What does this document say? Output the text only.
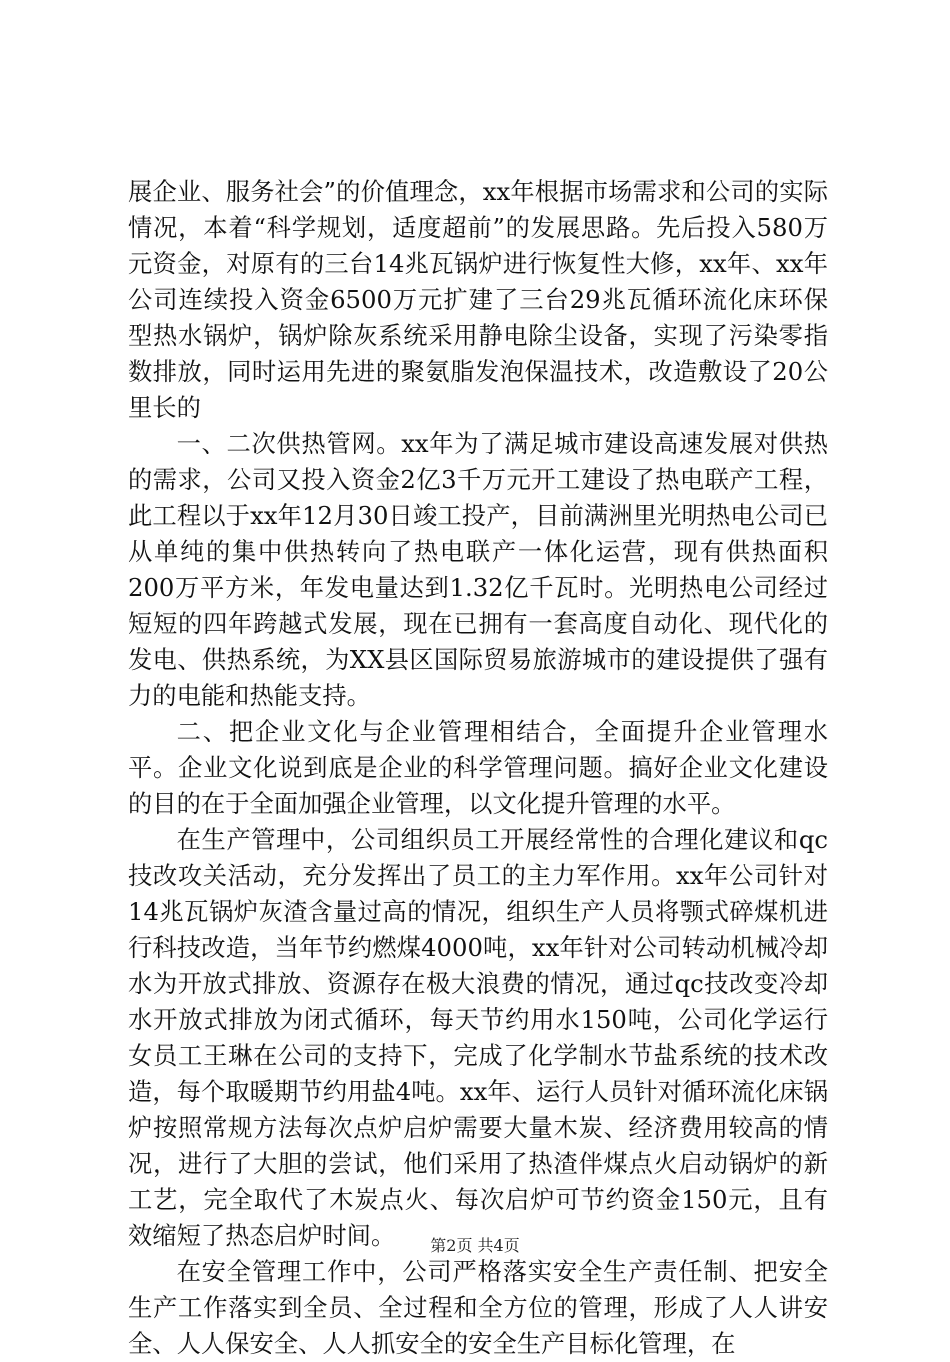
展企业、服务社会”的价值理念，xx年根据市场需求和公司的实际情况，本着“科学规划，适度超前”的发展思路。先后投入580万元资金，对原有的三台14兆瓦锅炉进行恢复性大修，xx年、xx年公司连续投入资金6500万元扩建了三台29兆瓦循环流化床环保型热水锅炉，锅炉除灰系统采用静电除尘设备，实现了污染零指数排放，同时运用先进的聚氨脂发泡保温技术，改造敷设了20公里长的

一、二次供热管网。xx年为了满足城市建设高速发展对供热的需求，公司又投入资金2亿3千万元开工建设了热电联产工程，此工程以于xx年12月30日竣工投产，目前满洲里光明热电公司已从单纯的集中供热转向了热电联产一体化运营，现有供热面积200万平方米，年发电量达到1.32亿千瓦时。光明热电公司经过短短的四年跨越式发展，现在已拥有一套高度自动化、现代化的发电、供热系统，为XX县区国际贸易旅游城市的建设提供了强有力的电能和热能支持。

二、把企业文化与企业管理相结合，全面提升企业管理水平。企业文化说到底是企业的科学管理问题。搞好企业文化建设的目的在于全面加强企业管理，以文化提升管理的水平。

在生产管理中，公司组织员工开展经常性的合理化建议和qc技改攻关活动，充分发挥出了员工的主力军作用。xx年公司针对14兆瓦锅炉灰渣含量过高的情况，组织生产人员将颚式碎煤机进行科技改造，当年节约燃煤4000吨，xx年针对公司转动机械冷却水为开放式排放、资源存在极大浪费的情况，通过qc技改变冷却水开放式排放为闭式循环，每天节约用水150吨，公司化学运行女员工王琳在公司的支持下，完成了化学制水节盐系统的技术改造，每个取暖期节约用盐4吨。xx年、运行人员针对循环流化床锅炉按照常规方法每次点炉启炉需要大量木炭、经济费用较高的情况，进行了大胆的尝试，他们采用了热渣伴煤点火启动锅炉的新工艺，完全取代了木炭点火、每次启炉可节约资金150元，且有效缩短了热态启炉时间。

在安全管理工作中，公司严格落实安全生产责任制、把安全生产工作落实到全员、全过程和全方位的管理，形成了人人讲安全、人人保安全、人人抓安全的安全生产目标化管理，在

第2页 共4页
